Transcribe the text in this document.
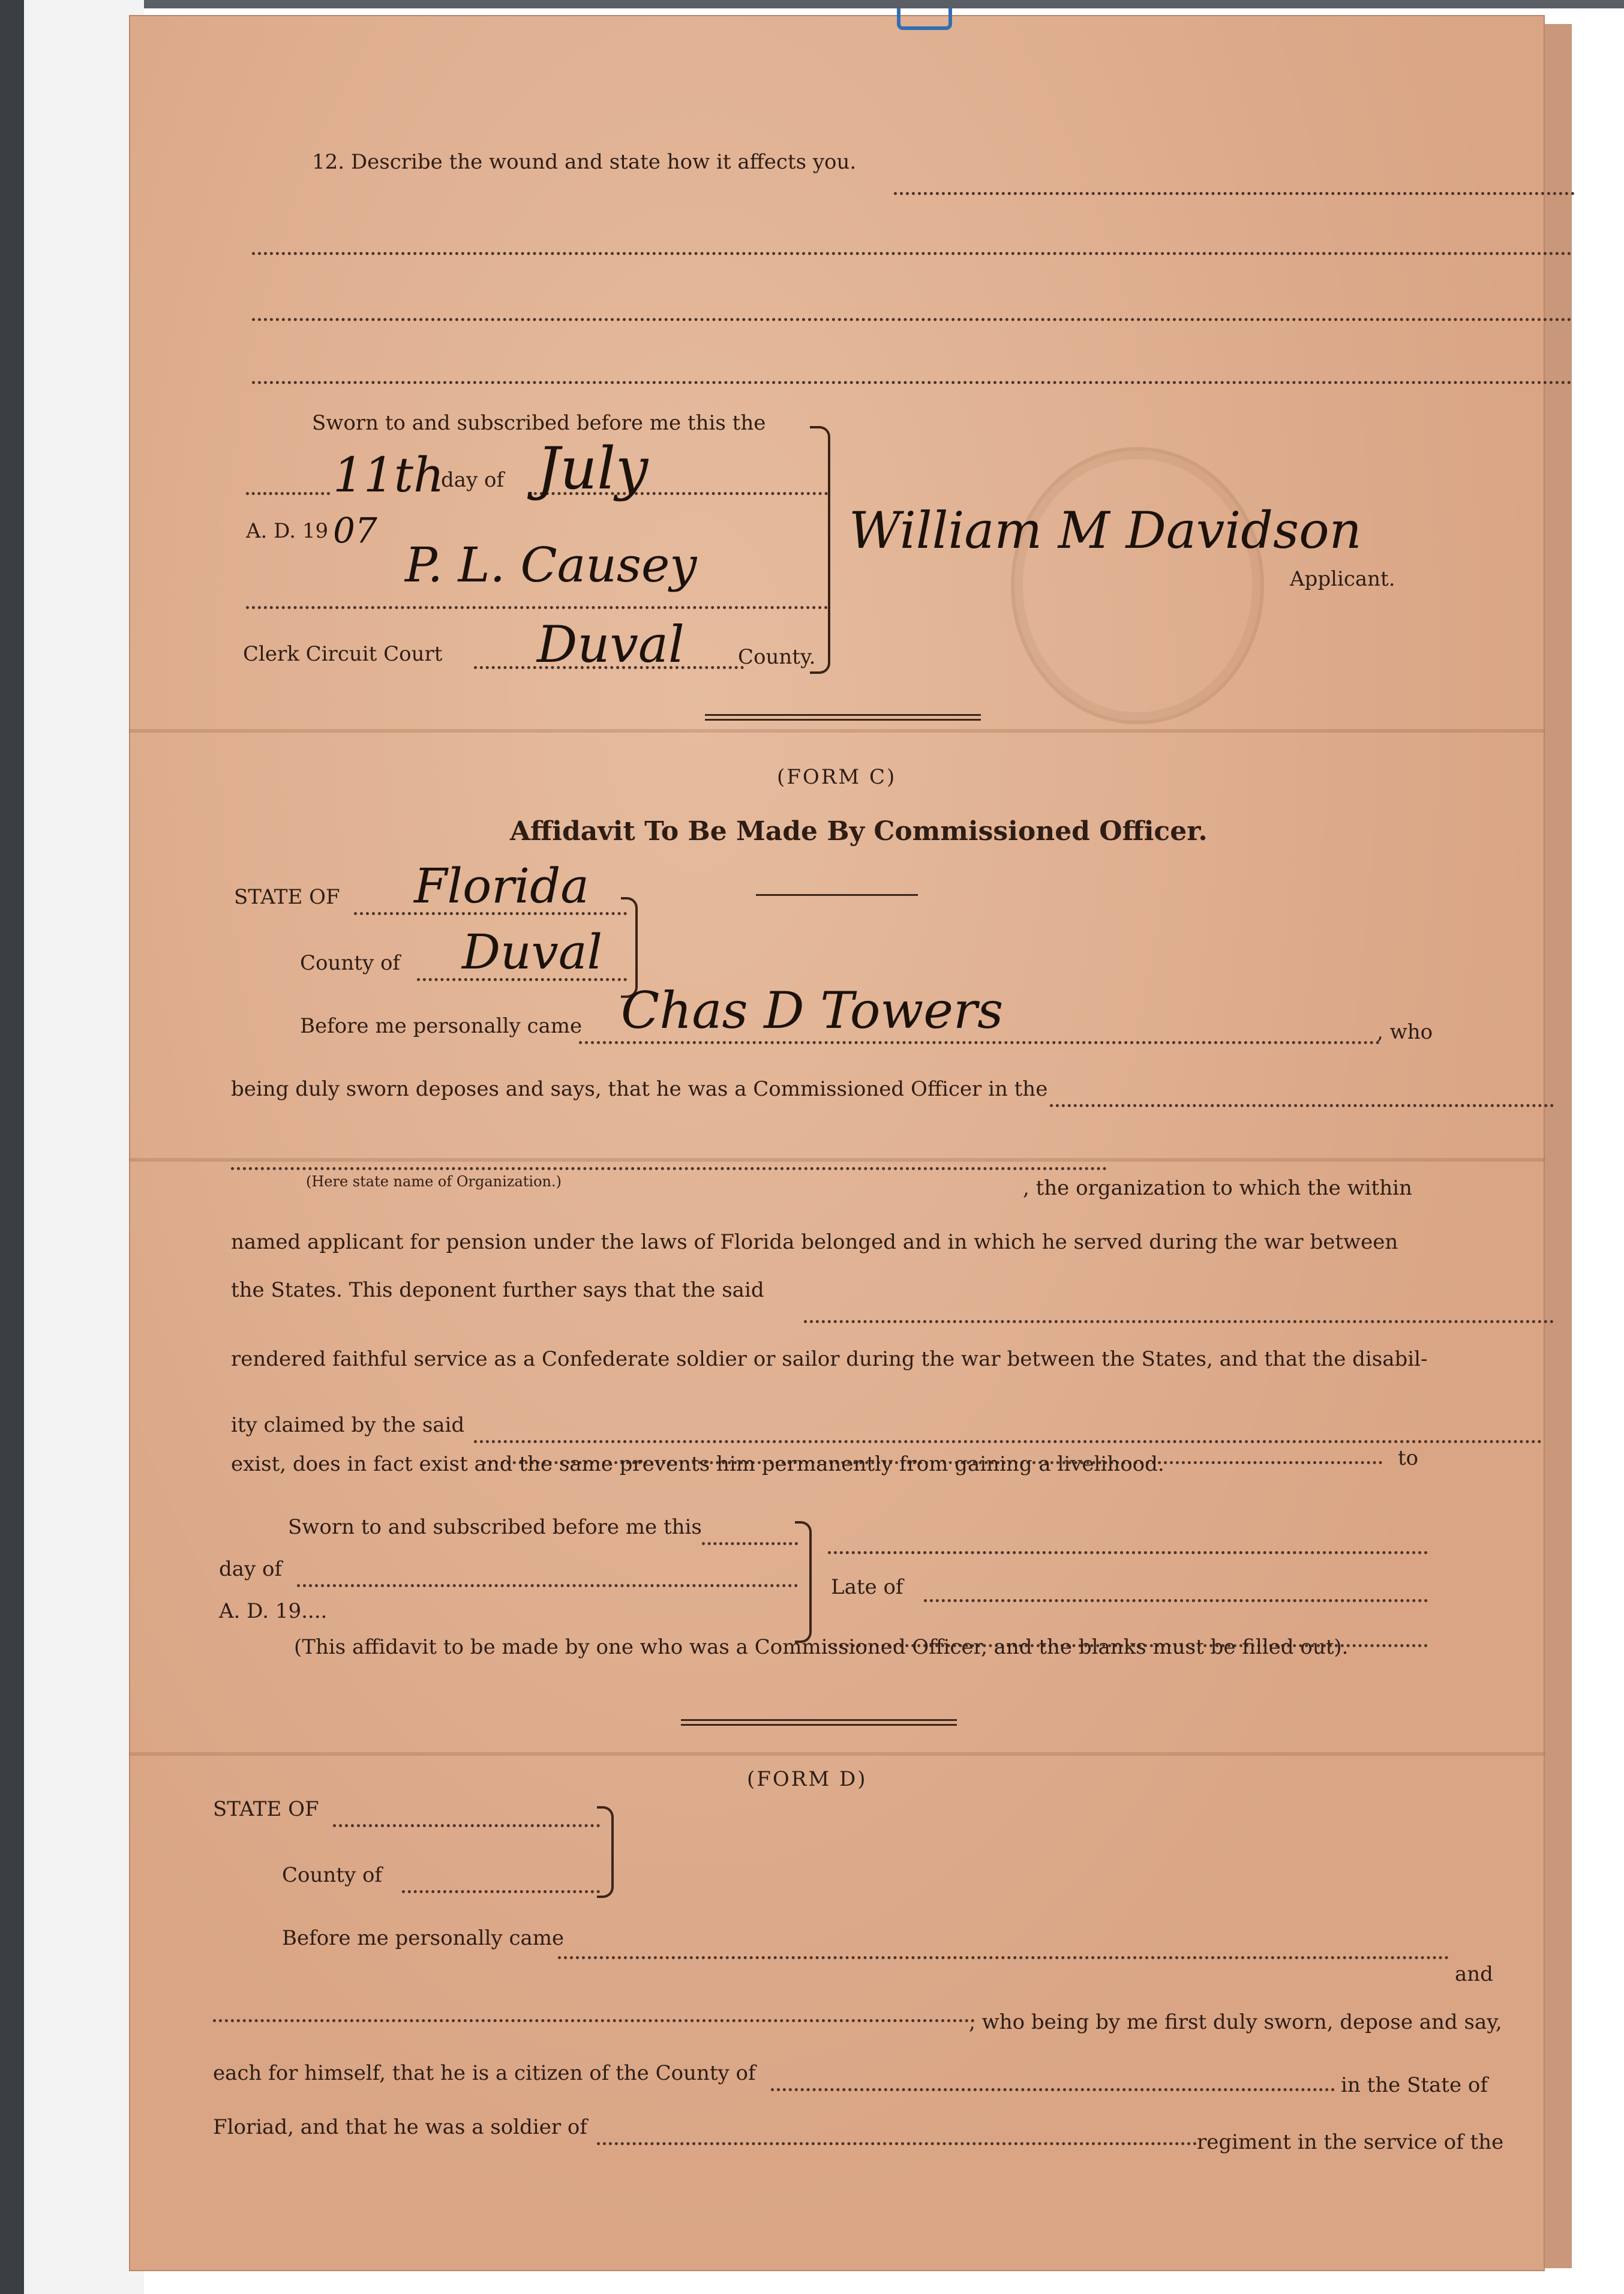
12. Describe the wound and state how it affects you.
Sworn to and subscribed before me this the
11th
day of July
A. D. 19 07
P. L. Causey
Clerk Circuit Court Duval	County.
William M Davidson
Applicant.
(FORM C)
Affidavit To Be Made By Commissioned Officer.
STATE OF Florida
County of Duval
Before me personally came Chas D Towers	, who
being duly sworn deposes and says, that he was a Commissioned Officer in the
(Here state name of Organization.)	, the organization to which the within
named applicant for pension under the laws of Florida belonged and in which he served during the war between
the States. This deponent further says that the said
rendered faithful service as a Confederate soldier or sailor during the war between the States, and that the disabil-
ity claimed by the said
to
exist, does in fact exist and the same prevents him permanently from gaining a livelihood.
Sworn to and subscribed before me this
day of
A. D. 19....
Late of
(This affidavit to be made by one who was a Commissioned Officer, and the blanks must be filled out).
(FORM D)
STATE OF
County of
Before me personally came
and
, who being by me first duly sworn, depose and say,
each for himself, that he is a citizen of the County of	in the State of
Floriad, and that he was a soldier of
regiment in the service of the
